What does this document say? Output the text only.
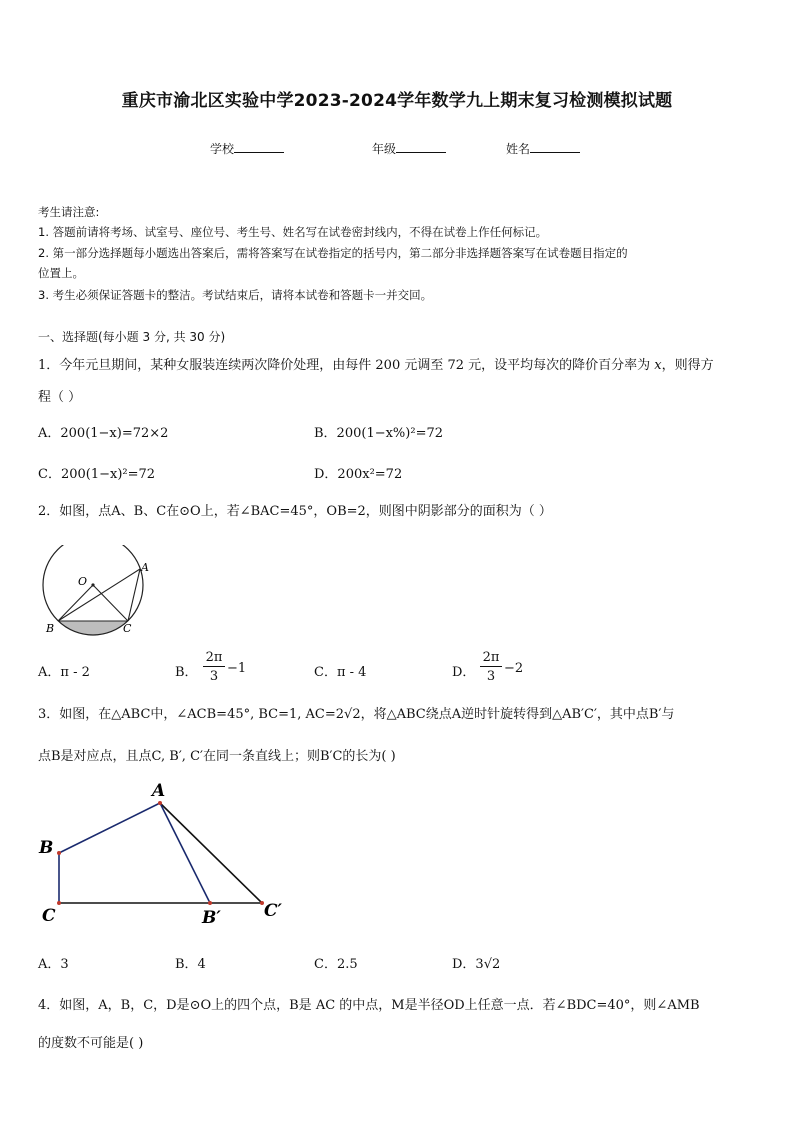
重庆市渝北区实验中学2023-2024学年数学九上期末复习检测模拟试题
学校	年级	姓名
考生请注意:
1. 答题前请将考场、试室号、座位号、考生号、姓名写在试卷密封线内，不得在试卷上作任何标记。
2. 第一部分选择题每小题选出答案后，需将答案写在试卷指定的括号内，第二部分非选择题答案写在试卷题目指定的
位置上。
3. 考生必须保证答题卡的整洁。考试结束后，请将本试卷和答题卡一并交回。
一、选择题(每小题 3 分, 共 30 分)
1．今年元旦期间，某种女服装连续两次降价处理，由每件 200 元调至 72 元，设平均每次的降价百分率为 x，则得方
程（ ）
A．200(1−x)=72×2	B．200(1−x%)²=72
C．200(1−x)²=72	D．200x²=72
2．如图，点A、B、C在⊙O上，若∠BAC=45°，OB=2，则图中阴影部分的面积为（ ）
O
A
B	C
A．π - 2	B．
2π
3
−1	C．π - 4	D．
2π
3
−2
3．如图，在△ABC中，∠ACB=45°, BC=1, AC=2√2，将△ABC绕点A逆时针旋转得到△AB′C′，其中点B′与
点B是对应点，且点C, B′, C′在同一条直线上；则B′C的长为( )
A
B
C	B′	C′
A．3	B．4	C．2.5	D．3√2
4．如图，A，B，C，D是⊙O上的四个点，B是 AC 的中点，M是半径OD上任意一点．若∠BDC=40°，则∠AMB
的度数不可能是( )
